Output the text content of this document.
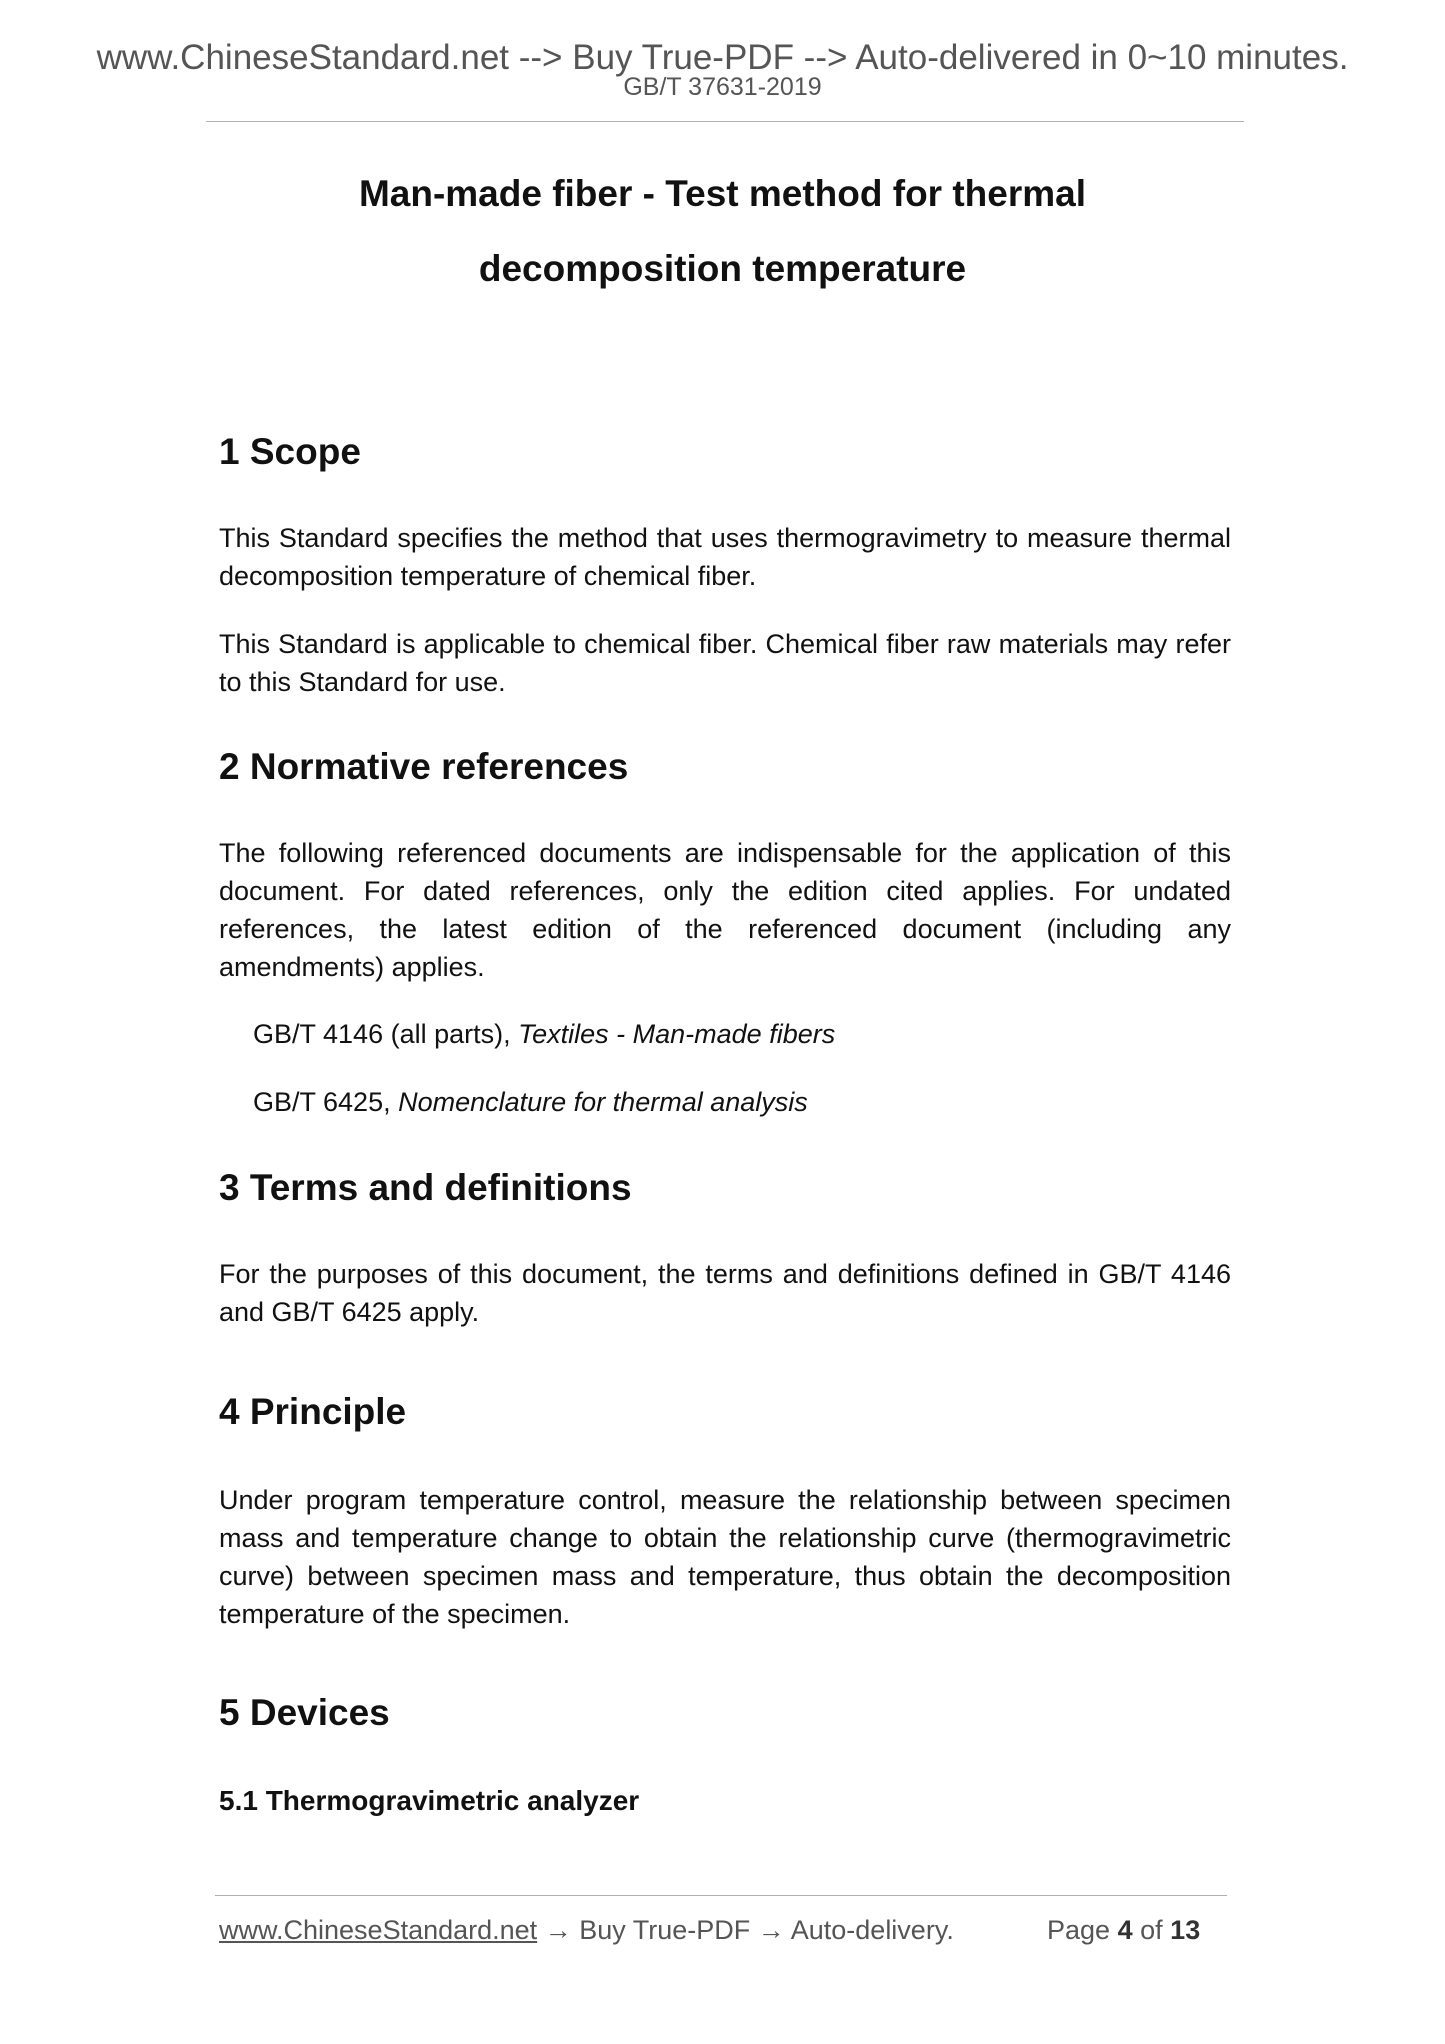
www.ChineseStandard.net --> Buy True-PDF --> Auto-delivered in 0~10 minutes.
GB/T 37631-2019
Man-made fiber - Test method for thermal
decomposition temperature
1 Scope
This Standard specifies the method that uses thermogravimetry to measure thermal decomposition temperature of chemical fiber.
This Standard is applicable to chemical fiber. Chemical fiber raw materials may refer to this Standard for use.
2 Normative references
The following referenced documents are indispensable for the application of this document. For dated references, only the edition cited applies. For undated references, the latest edition of the referenced document (including any amendments) applies.
GB/T 4146 (all parts), Textiles - Man-made fibers
GB/T 6425, Nomenclature for thermal analysis
3 Terms and definitions
For the purposes of this document, the terms and definitions defined in GB/T 4146 and GB/T 6425 apply.
4 Principle
Under program temperature control, measure the relationship between specimen mass and temperature change to obtain the relationship curve (thermogravimetric curve) between specimen mass and temperature, thus obtain the decomposition temperature of the specimen.
5 Devices
5.1 Thermogravimetric analyzer
www.ChineseStandard.net → Buy True-PDF → Auto-delivery.	Page 4 of 13
